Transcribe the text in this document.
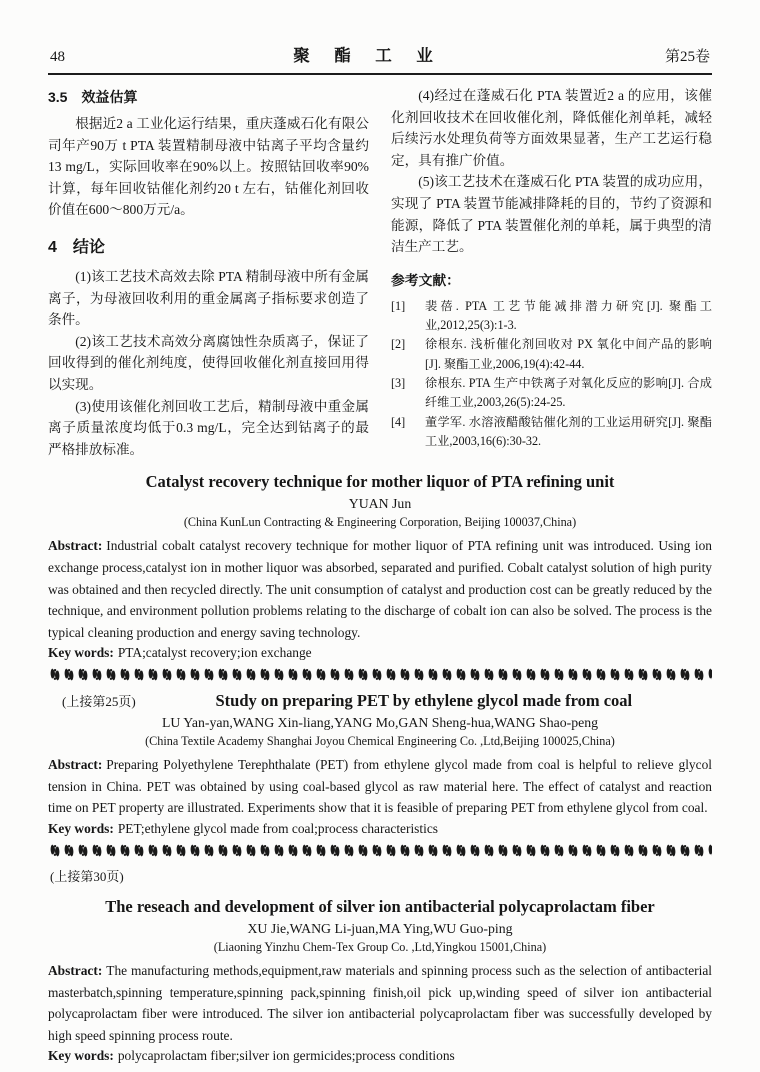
48	聚　酯　工　业	第25卷
3.5　效益估算

根据近2 a 工业化运行结果，重庆蓬威石化有限公司年产90万 t PTA 装置精制母液中钴离子平均含量约13 mg/L，实际回收率在90%以上。按照钴回收率90%计算，每年回收钴催化剂约20 t 左右，钴催化剂回收价值在600～800万元/a。

4　结论

(1)该工艺技术高效去除 PTA 精制母液中所有金属离子，为母液回收利用的重金属离子指标要求创造了条件。

(2)该工艺技术高效分离腐蚀性杂质离子，保证了回收得到的催化剂纯度，使得回收催化剂直接回用得以实现。

(3)使用该催化剂回收工艺后，精制母液中重金属离子质量浓度均低于0.3 mg/L，完全达到钴离子的最严格排放标准。

(4)经过在蓬威石化 PTA 装置近2 a 的应用，该催化剂回收技术在回收催化剂，降低催化剂单耗，减轻后续污水处理负荷等方面效果显著，生产工艺运行稳定，具有推广价值。

(5)该工艺技术在蓬威石化 PTA 装置的成功应用，实现了 PTA 装置节能减排降耗的目的，节约了资源和能源，降低了 PTA 装置催化剂的单耗，属于典型的清洁生产工艺。

参考文献：
[1]	裴蓓. PTA 工艺节能减排潜力研究[J]. 聚酯工业,2012,25(3):1-3.
[2]	徐根东. 浅析催化剂回收对 PX 氧化中间产品的影响[J]. 聚酯工业,2006,19(4):42-44.
[3]	徐根东. PTA 生产中铁离子对氧化反应的影响[J]. 合成纤维工业,2003,26(5):24-25.
[4]	董学军. 水溶液醋酸钴催化剂的工业运用研究[J]. 聚酯工业,2003,16(6):30-32.
Catalyst recovery technique for mother liquor of PTA refining unit
YUAN Jun
(China KunLun Contracting & Engineering Corporation, Beijing 100037,China)

Abstract: Industrial cobalt catalyst recovery technique for mother liquor of PTA refining unit was introduced. Using ion exchange process,catalyst ion in mother liquor was absorbed, separated and purified. Cobalt catalyst solution of high purity was obtained and then recycled directly. The unit consumption of catalyst and production cost can be greatly reduced by the technique, and environment pollution problems relating to the discharge of cobalt ion can also be solved. The process is the typical cleaning production and energy saving technology.

Key words: PTA;catalyst recovery;ion exchange

(上接第25页)	Study on preparing PET by ethylene glycol made from coal
LU Yan-yan,WANG Xin-liang,YANG Mo,GAN Sheng-hua,WANG Shao-peng
(China Textile Academy Shanghai Joyou Chemical Engineering Co. ,Ltd,Beijing 100025,China)

Abstract: Preparing Polyethylene Terephthalate (PET) from ethylene glycol made from coal is helpful to relieve glycol tension in China. PET was obtained by using coal-based glycol as raw material here. The effect of catalyst and reaction time on PET property are illustrated. Experiments show that it is feasible of preparing PET from ethylene glycol from coal.

Key words: PET;ethylene glycol made from coal;process characteristics

(上接第30页)
The reseach and development of silver ion antibacterial polycaprolactam fiber
XU Jie,WANG Li-juan,MA Ying,WU Guo-ping
(Liaoning Yinzhu Chem-Tex Group Co. ,Ltd,Yingkou 15001,China)

Abstract: The manufacturing methods,equipment,raw materials and spinning process such as the selection of antibacterial masterbatch,spinning temperature,spinning pack,spinning finish,oil pick up,winding speed of silver ion antibacterial polycaprolactam fiber were introduced. The silver ion antibacterial polycaprolactam fiber was successfully developed by high speed spinning process route.

Key words: polycaprolactam fiber;silver ion germicides;process conditions
